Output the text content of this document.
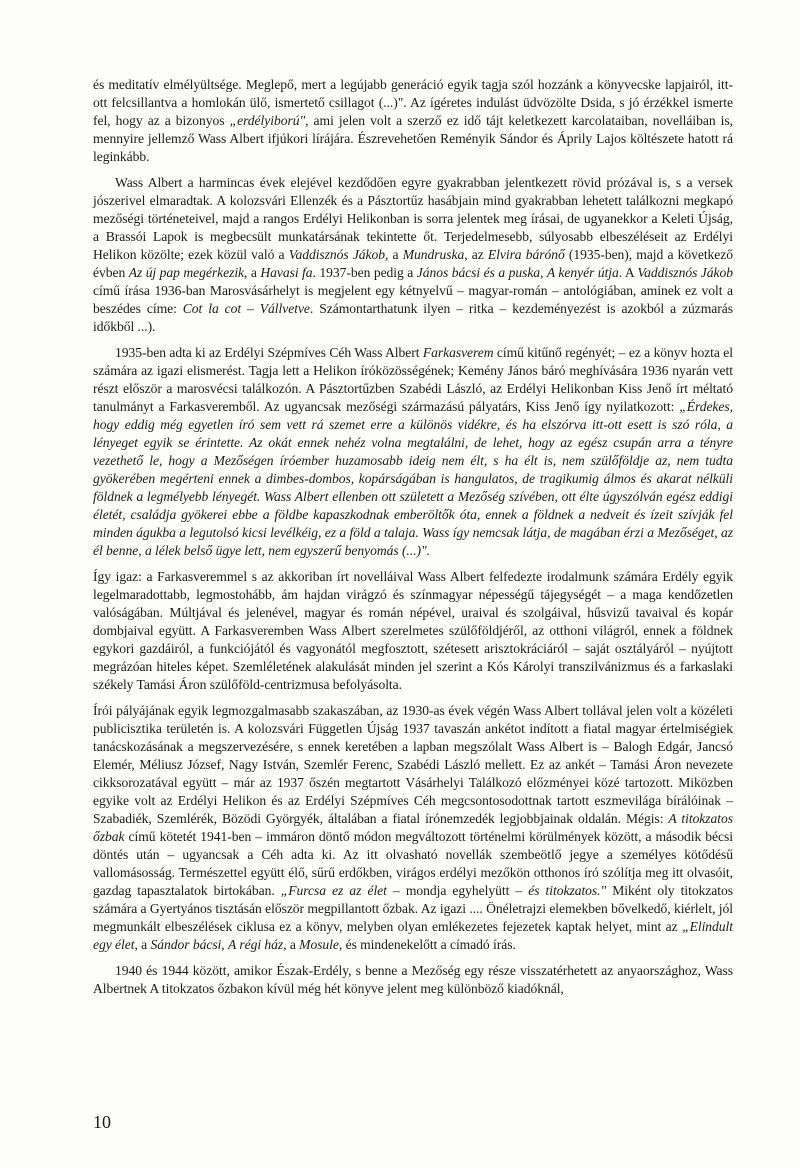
és meditatív elmélyültsége. Meglepő, mert a legújabb generáció egyik tagja szól hozzánk a könyvecske lapjairól, itt-ott felcsillantva a homlokán ülő, ismertető csillagot (...)". Az ígéretes indulást üdvözölte Dsida, s jó érzékkel ismerte fel, hogy az a bizonyos „erdélyiború", ami jelen volt a szerző ez idő tájt keletkezett karcolataiban, novelláiban is, mennyire jellemző Wass Albert ifjúkori lírájára. Észrevehetően Reményik Sándor és Áprily Lajos költészete hatott rá leginkább.

Wass Albert a harmincas évek elejével kezdődően egyre gyakrabban jelentkezett rövid prózával is, s a versek jószerivel elmaradtak. A kolozsvári Ellenzék és a Pásztortűz hasábjain mind gyakrabban lehetett találkozni megkapó mezőségi történeteivel, majd a rangos Erdélyi Helikonban is sorra jelentek meg írásai, de ugyanekkor a Keleti Újság, a Brassói Lapok is megbecsült munkatársának tekintette őt. Terjedelmesebb, súlyosabb elbeszéléseit az Erdélyi Helikon közölte; ezek közül való a Vaddisznós Jákob, a Mundruska, az Elvira bárónő (1935-ben), majd a következő évben Az új pap megérkezik, a Havasi fa. 1937-ben pedig a János bácsi és a puska, A kenyér útja. A Vaddisznós Jákob című írása 1936-ban Marosvásárhelyt is megjelent egy kétnyelvű – magyar-román – antológiában, aminek ez volt a beszédes címe: Cot la cot – Vállvetve. Számontarthatunk ilyen – ritka – kezdeményezést is azokból a zúzmarás időkből ...).

1935-ben adta ki az Erdélyi Szépmíves Céh Wass Albert Farkasverem című kitűnő regényét; – ez a könyv hozta el számára az igazi elismerést. Tagja lett a Helikon íróközösségének; Kemény János báró meghívására 1936 nyarán vett részt először a marosvécsi találkozón. A Pásztortűzben Szabédi László, az Erdélyi Helikonban Kiss Jenő írt méltató tanulmányt a Farkasveremből. Az ugyancsak mezőségi származású pályatárs, Kiss Jenő így nyilatkozott: „Érdekes, hogy eddig még egyetlen író sem vett rá szemet erre a különös vidékre, és ha elszórva itt-ott esett is szó róla, a lényeget egyik se érintette. Az okát ennek nehéz volna megtalálni, de lehet, hogy az egész csupán arra a tényre vezethető le, hogy a Mezőségen íróember huzamosabb ideig nem élt, s ha élt is, nem szülőföldje az, nem tudta gyökerében megérteni ennek a dimbes-dombos, kopárságában is hangulatos, de tragikumig álmos és akarat nélküli földnek a legmélyebb lényegét. Wass Albert ellenben ott született a Mezőség szívében, ott élte úgyszólván egész eddigi életét, családja gyökerei ebbe a földbe kapaszkodnak emberöltők óta, ennek a földnek a nedveit és ízeit szívják fel minden águkba a legutolsó kicsi levélkéig, ez a föld a talaja. Wass így nemcsak látja, de magában érzi a Mezőséget, az él benne, a lélek belső ügye lett, nem egyszerű benyomás (...)".

Így igaz: a Farkasveremmel s az akkoriban írt novelláival Wass Albert felfedezte irodalmunk számára Erdély egyik legelmaradottabb, legmostohább, ám hajdan virágzó és színmagyar népességű tájegységét – a maga kendőzetlen valóságában. Múltjával és jelenével, magyar és román népével, uraival és szolgáival, hűsvizű tavaival és kopár dombjaival együtt. A Farkasveremben Wass Albert szerelmetes szülőföldjéről, az otthoni világról, ennek a földnek egykori gazdáiról, a funkciójától és vagyonától megfosztott, szétesett arisztokráciáról – saját osztályáról – nyújtott megrázóan hiteles képet. Szemléletének alakulását minden jel szerint a Kós Károlyi transzilvánizmus és a farkaslaki székely Tamási Áron szülőföld-centrizmusa befolyásolta.

Írói pályájának egyik legmozgalmasabb szakaszában, az 1930-as évek végén Wass Albert tollával jelen volt a közéleti publicisztika területén is. A kolozsvári Független Újság 1937 tavaszán ankétot indított a fiatal magyar értelmiségiek tanácskozásának a megszervezésére, s ennek keretében a lapban megszólalt Wass Albert is – Balogh Edgár, Jancsó Elemér, Méliusz József, Nagy István, Szemlér Ferenc, Szabédi László mellett. Ez az ankét – Tamási Áron nevezete cikksorozatával együtt – már az 1937 őszén megtartott Vásárhelyi Találkozó előzményei közé tartozott. Miközben egyike volt az Erdélyi Helikon és az Erdélyi Szépmíves Céh megcsontosodottnak tartott eszmevilága bírálóinak – Szabadiék, Szemlérék, Bözödi Györgyék, általában a fiatal írónemzedék legjobbjainak oldalán. Mégis: A titokzatos őzbak című kötetét 1941-ben – immáron döntő módon megváltozott történelmi körülmények között, a második bécsi döntés után – ugyancsak a Céh adta ki. Az itt olvasható novellák szembeötlő jegye a személyes kötődésű vallomásosság. Természettel együtt élő, sűrű erdőkben, virágos erdélyi mezőkön otthonos író szólítja meg itt olvasóit, gazdag tapasztalatok birtokában. „Furcsa ez az élet – mondja egyhelyütt – és titokzatos." Miként oly titokzatos számára a Gyertyános tisztásán először megpillantott őzbak. Az igazi .... Önéletrajzi elemekben bővelkedő, kiérlelt, jól megmunkált elbeszélések ciklusa ez a könyv, melyben olyan emlékezetes fejezetek kaptak helyet, mint az „Elindult egy élet, a Sándor bácsi, A régi ház, a Mosule, és mindenekelőtt a címadó írás.

1940 és 1944 között, amikor Észak-Erdély, s benne a Mezőség egy része visszatérhetett az anyaországhoz, Wass Albertnek A titokzatos őzbakon kívül még hét könyve jelent meg különböző kiadóknál,

10
